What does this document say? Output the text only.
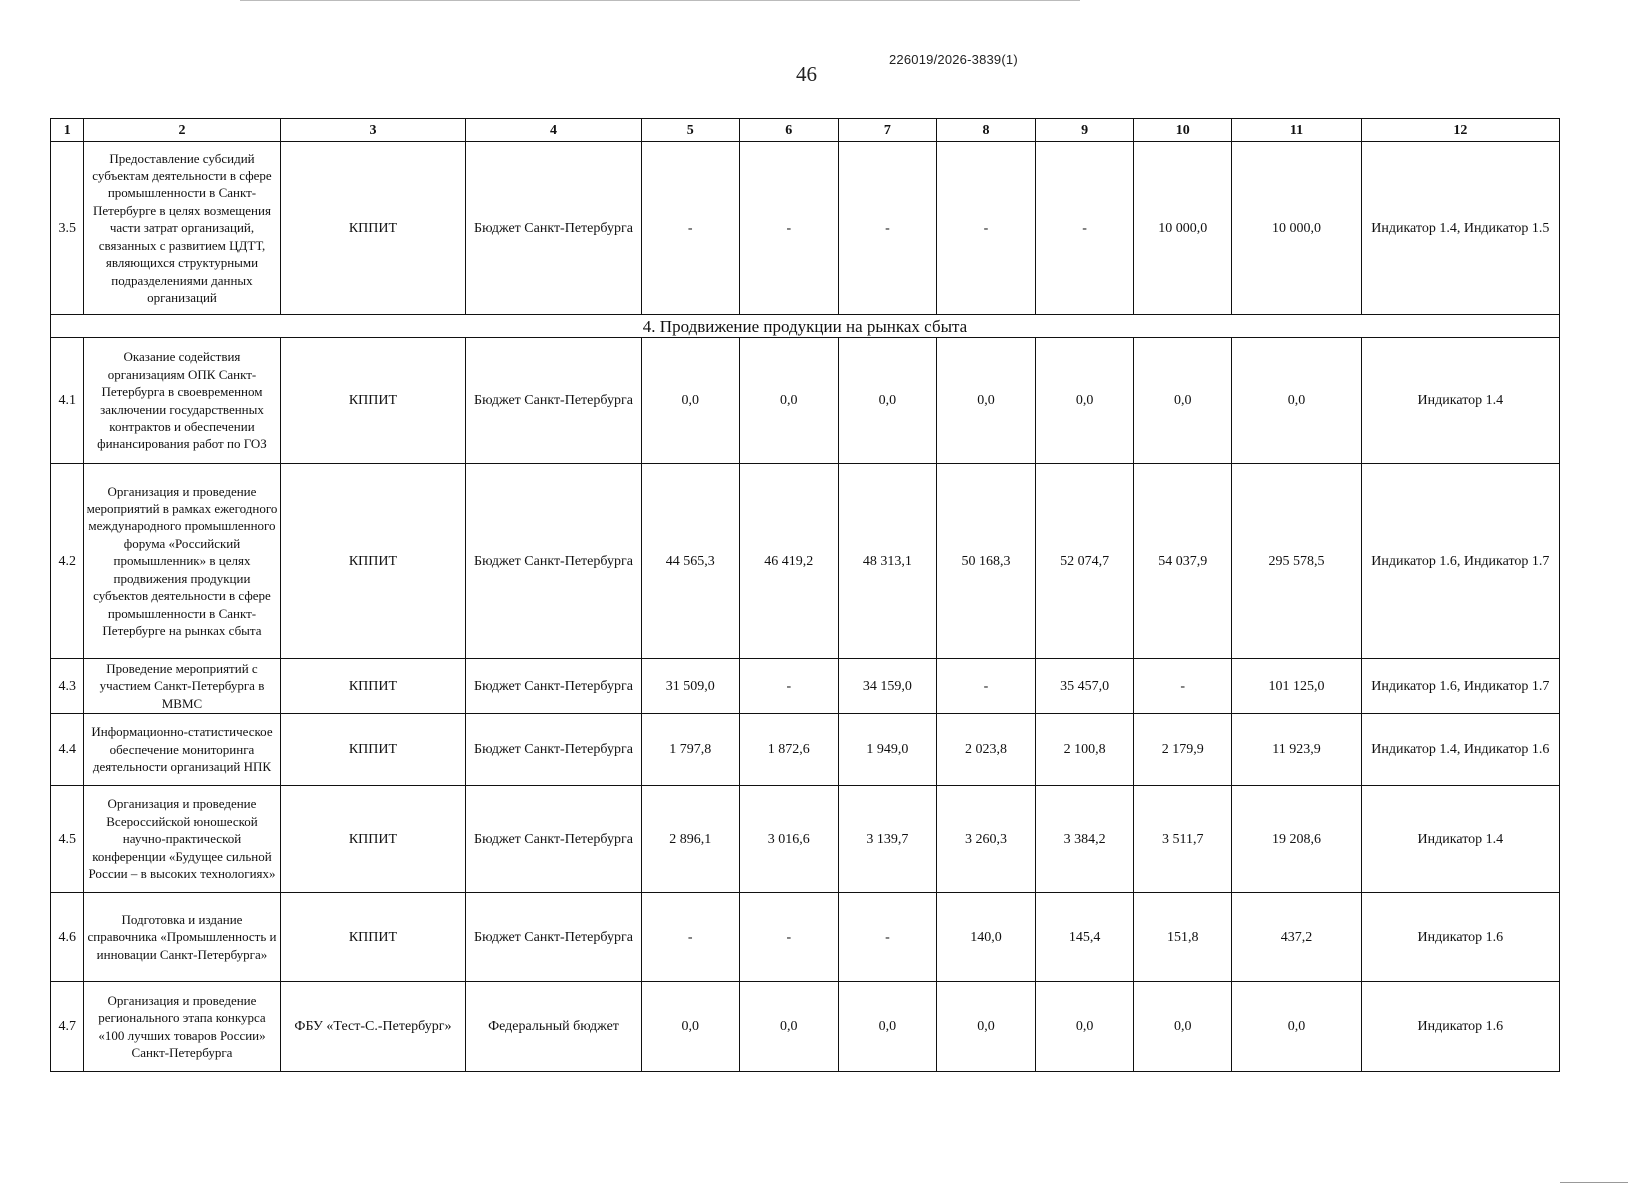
226019/2026-3839(1)
46
1	2	3	4	5	6	7	8	9	10	11	12
3.5	Предоставление субсидий субъектам деятельности в сфере промышленности в Санкт-Петербурге в целях возмещения части затрат организаций, связанных с развитием ЦДТТ, являющихся структурными подразделениями данных организаций	КППИТ	Бюджет Санкт-Петербурга	-	-	-	-	-	10 000,0	10 000,0	Индикатор 1.4, Индикатор 1.5
4. Продвижение продукции на рынках сбыта											
4.1	Оказание содействия организациям ОПК Санкт-Петербурга в своевременном заключении государственных контрактов и обеспечении финансирования работ по ГОЗ	КППИТ	Бюджет Санкт-Петербурга	0,0	0,0	0,0	0,0	0,0	0,0	0,0	Индикатор 1.4
4.2	Организация и проведение мероприятий в рамках ежегодного международного промышленного форума «Российский промышленник» в целях продвижения продукции субъектов деятельности в сфере промышленности в Санкт-Петербурге на рынках сбыта	КППИТ	Бюджет Санкт-Петербурга	44 565,3	46 419,2	48 313,1	50 168,3	52 074,7	54 037,9	295 578,5	Индикатор 1.6, Индикатор 1.7
4.3	Проведение мероприятий с участием Санкт-Петербурга в МВМС	КППИТ	Бюджет Санкт-Петербурга	31 509,0	-	34 159,0	-	35 457,0	-	101 125,0	Индикатор 1.6, Индикатор 1.7
4.4	Информационно-статистическое обеспечение мониторинга деятельности организаций НПК	КППИТ	Бюджет Санкт-Петербурга	1 797,8	1 872,6	1 949,0	2 023,8	2 100,8	2 179,9	11 923,9	Индикатор 1.4, Индикатор 1.6
4.5	Организация и проведение Всероссийской юношеской научно-практической конференции «Будущее сильной России – в высоких технологиях»	КППИТ	Бюджет Санкт-Петербурга	2 896,1	3 016,6	3 139,7	3 260,3	3 384,2	3 511,7	19 208,6	Индикатор 1.4
4.6	Подготовка и издание справочника «Промышленность и инновации Санкт-Петербурга»	КППИТ	Бюджет Санкт-Петербурга	-	-	-	140,0	145,4	151,8	437,2	Индикатор 1.6
4.7	Организация и проведение регионального этапа конкурса «100 лучших товаров России» Санкт-Петербурга	ФБУ «Тест-С.-Петербург»	Федеральный бюджет	0,0	0,0	0,0	0,0	0,0	0,0	0,0	Индикатор 1.6
